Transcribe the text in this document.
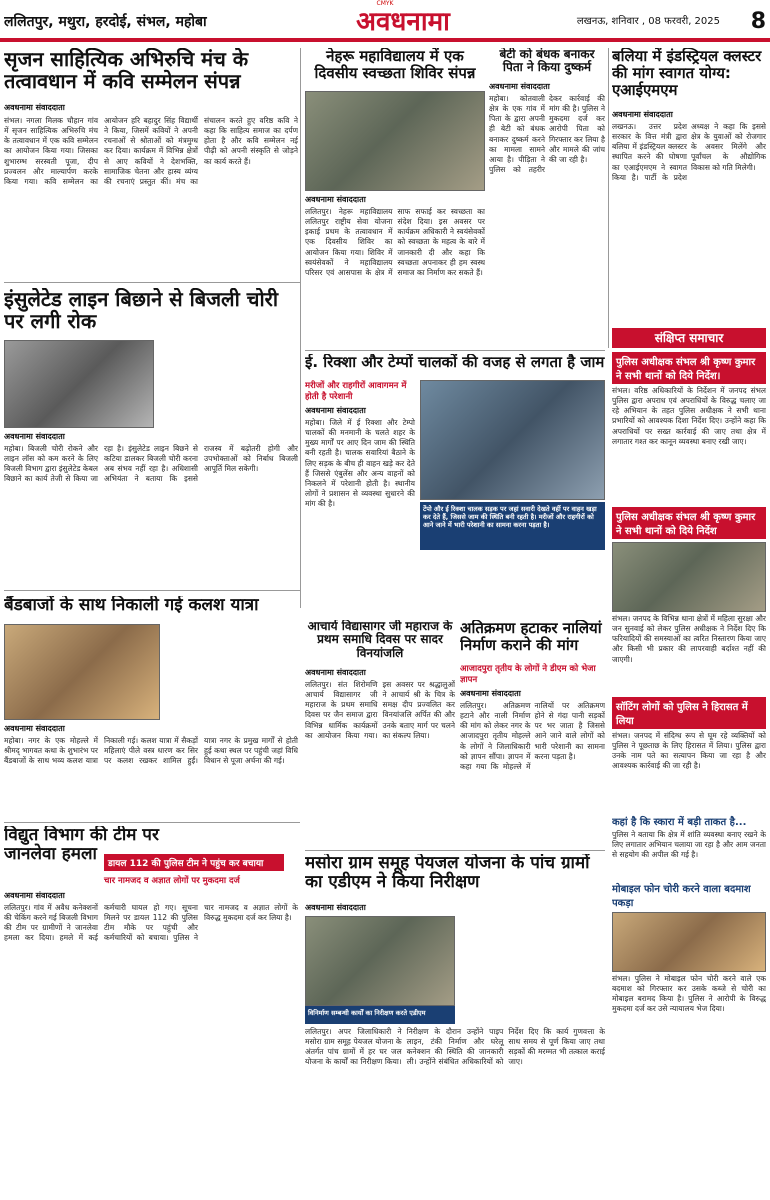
CMYK
ललितपुर, मथुरा, हरदोई, संभल, महोबा	अवधनामा	लखनऊ, शनिवार , 08 फरवरी, 2025	8
सृजन साहित्यिक अभिरुचि मंच के तत्वावधान में कवि सम्मेलन संपन्न
अवधनामा संवाददाता
संभल। नगला मिलक चौहान गांव में सृजन साहित्यिक अभिरुचि मंच के तत्वावधान में एक कवि सम्मेलन का आयोजन किया गया। जिसका शुभारम्भ सरस्वती पूजा, दीप प्रज्वलन और माल्यार्पण करके किया गया। कवि सम्मेलन का आयोजन हरि बहादुर सिंह विद्यार्थी ने किया, जिसमें कवियों ने अपनी रचनाओं से श्रोताओं को मंत्रमुग्ध कर दिया। कार्यक्रम में विभिन्न क्षेत्रों से आए कवियों ने देशभक्ति, सामाजिक चेतना और हास्य व्यंग्य की रचनाएं प्रस्तुत कीं। मंच का संचालन करते हुए वरिष्ठ कवि ने कहा कि साहित्य समाज का दर्पण होता है और कवि सम्मेलन नई पीढ़ी को अपनी संस्कृति से जोड़ने का कार्य करते हैं।
नेहरू महाविद्यालय में एक दिवसीय स्वच्छता शिविर संपन्न
अवधनामा संवाददाता
ललितपुर। नेहरू महाविद्यालय ललितपुर राष्ट्रीय सेवा योजना इकाई प्रथम के तत्वावधान में एक दिवसीय शिविर का आयोजन किया गया। शिविर में स्वयंसेवकों ने महाविद्यालय परिसर एवं आसपास के क्षेत्र में साफ सफाई कर स्वच्छता का संदेश दिया। इस अवसर पर कार्यक्रम अधिकारी ने स्वयंसेवकों को स्वच्छता के महत्व के बारे में जानकारी दी और कहा कि स्वच्छता अपनाकर ही हम स्वस्थ समाज का निर्माण कर सकते हैं।
बेटी को बंधक बनाकर पिता ने किया दुष्कर्म
अवधनामा संवाददाता
महोबा। कोतवाली क्षेत्र के एक गांव में पिता के द्वारा अपनी ही बेटी को बंधक बनाकर दुष्कर्म करने का मामला सामने आया है। पीड़िता ने पुलिस को तहरीर देकर कार्रवाई की मांग की है। पुलिस ने मुकदमा दर्ज कर आरोपी पिता को गिरफ्तार कर लिया है और मामले की जांच की जा रही है।
बलिया में इंडस्ट्रियल क्लस्टर की मांग स्वागत योग्य: एआईएमएम
अवधनामा संवाददाता
लखनऊ। उत्तर प्रदेश सरकार के वित्त मंत्री द्वारा बलिया में इंडस्ट्रियल क्लस्टर स्थापित करने की घोषणा का एआईएमएम ने स्वागत किया है। पार्टी के प्रदेश अध्यक्ष ने कहा कि इससे क्षेत्र के युवाओं को रोजगार के अवसर मिलेंगे और पूर्वांचल के औद्योगिक विकास को गति मिलेगी।
संक्षिप्त समाचार
इंसुलेटेड लाइन बिछाने से बिजली चोरी पर लगी रोक
अवधनामा संवाददाता
महोबा। बिजली चोरी रोकने और लाइन लॉस को कम करने के लिए बिजली विभाग द्वारा इंसुलेटेड केबल बिछाने का कार्य तेजी से किया जा रहा है। इंसुलेटेड लाइन बिछने से कटिया डालकर बिजली चोरी करना अब संभव नहीं रहा है। अधिशासी अभियंता ने बताया कि इससे राजस्व में बढ़ोतरी होगी और उपभोक्ताओं को निर्बाध बिजली आपूर्ति मिल सकेगी।
ई. रिक्शा और टेम्पों चालकों की वजह से लगता है जाम
मरीजों और राहगीरों आवागमन में होती है परेशानी
अवधनामा संवाददाता
महोबा। जिले में ई रिक्शा और टेम्पो चालकों की मनमानी के चलते शहर के मुख्य मार्गों पर आए दिन जाम की स्थिति बनी रहती है। चालक सवारियां बैठाने के लिए सड़क के बीच ही वाहन खड़े कर देते हैं जिससे एंबुलेंस और अन्य वाहनों को निकलने में परेशानी होती है। स्थानीय लोगों ने प्रशासन से व्यवस्था सुधारने की मांग की है।
टेंपो और ई रिक्शा चालक सड़क पर जहां सवारी देखते वहीं पर वाहन खड़ा कर देते हैं, जिससे जाम की स्थिति बनी रहती है। मरीजों और राहगीरों को आने जाने में भारी परेशानी का सामना करना पड़ता है।
पुलिस अधीक्षक संभल श्री कृष्ण कुमार ने सभी थानों को दिये निर्देश।
संभल। वरिष्ठ अधिकारियों के निर्देशन में जनपद संभल पुलिस द्वारा अपराध एवं अपराधियों के विरुद्ध चलाए जा रहे अभियान के तहत पुलिस अधीक्षक ने सभी थाना प्रभारियों को आवश्यक दिशा निर्देश दिए। उन्होंने कहा कि अपराधियों पर सख्त कार्रवाई की जाए तथा क्षेत्र में लगातार गश्त कर कानून व्यवस्था बनाए रखी जाए।
पुलिस अधीक्षक संभल श्री कृष्ण कुमार ने सभी थानों को दिये निर्देश
संभल। जनपद के विभिन्न थाना क्षेत्रों में महिला सुरक्षा और जन सुनवाई को लेकर पुलिस अधीक्षक ने निर्देश दिए कि फरियादियों की समस्याओं का त्वरित निस्तारण किया जाए और किसी भी प्रकार की लापरवाही बर्दाश्त नहीं की जाएगी।
सॉटिंग लोगों को पुलिस ने हिरासत में लिया
संभल। जनपद में संदिग्ध रूप से घूम रहे व्यक्तियों को पुलिस ने पूछताछ के लिए हिरासत में लिया। पुलिस द्वारा उनके नाम पते का सत्यापन किया जा रहा है और आवश्यक कार्रवाई की जा रही है।
कहां है कि स्कारा में बड़ी ताकत है...
पुलिस ने बताया कि क्षेत्र में शांति व्यवस्था बनाए रखने के लिए लगातार अभियान चलाया जा रहा है और आम जनता से सहयोग की अपील की गई है।
मोबाइल फोन चोरी करने वाला बदमाश पकड़ा
संभल। पुलिस ने मोबाइल फोन चोरी करने वाले एक बदमाश को गिरफ्तार कर उसके कब्जे से चोरी का मोबाइल बरामद किया है। पुलिस ने आरोपी के विरुद्ध मुकदमा दर्ज कर उसे न्यायालय भेज दिया।
बैंडबाजों के साथ निकाली गई कलश यात्रा
अवधनामा संवाददाता
महोबा। नगर के एक मोहल्ले में श्रीमद् भागवत कथा के शुभारंभ पर बैंडबाजों के साथ भव्य कलश यात्रा निकाली गई। कलश यात्रा में सैकड़ों महिलाएं पीले वस्त्र धारण कर सिर पर कलश रखकर शामिल हुईं। यात्रा नगर के प्रमुख मार्गों से होती हुई कथा स्थल पर पहुंची जहां विधि विधान से पूजा अर्चना की गई।
आचार्य विद्यासागर जी महाराज के प्रथम समाधि दिवस पर सादर विनयांजलि
अवधनामा संवाददाता
ललितपुर। संत शिरोमणि आचार्य विद्यासागर जी महाराज के प्रथम समाधि दिवस पर जैन समाज द्वारा विभिन्न धार्मिक कार्यक्रमों का आयोजन किया गया। इस अवसर पर श्रद्धालुओं ने आचार्य श्री के चित्र के समक्ष दीप प्रज्वलित कर विनयांजलि अर्पित की और उनके बताए मार्ग पर चलने का संकल्प लिया।
अतिक्रमण हटाकर नालियां निर्माण कराने की मांग
आजादपुरा तृतीय के लोगों ने डीएम को भेजा ज्ञापन
अवधनामा संवाददाता
ललितपुर। अतिक्रमण हटाने और नाली निर्माण की मांग को लेकर नगर के आजादपुरा तृतीय मोहल्ले के लोगों ने जिलाधिकारी को ज्ञापन सौंपा। ज्ञापन में कहा गया कि मोहल्ले में नालियों पर अतिक्रमण होने से गंदा पानी सड़कों पर भर जाता है जिससे आने जाने वाले लोगों को भारी परेशानी का सामना करना पड़ता है।
विद्युत विभाग की टीम पर जानलेवा हमला	डायल 112 की पुलिस टीम ने पहुंच कर बचाया
चार नामजद व अज्ञात लोगों पर मुकदमा दर्ज
अवधनामा संवाददाता
ललितपुर। गांव में अवैध कनेक्शनों की चेकिंग करने गई बिजली विभाग की टीम पर ग्रामीणों ने जानलेवा हमला कर दिया। हमले में कई कर्मचारी घायल हो गए। सूचना मिलने पर डायल 112 की पुलिस टीम मौके पर पहुंची और कर्मचारियों को बचाया। पुलिस ने चार नामजद व अज्ञात लोगों के विरुद्ध मुकदमा दर्ज कर लिया है।
मसोरा ग्राम समूह पेयजल योजना के पांच ग्रामों का एडीएम ने किया निरीक्षण
अवधनामा संवाददाता
विनिर्माण सम्बन्धी कार्यों का निरीक्षण करते एडीएम
ललितपुर। अपर जिलाधिकारी ने मसोरा ग्राम समूह पेयजल योजना के अंतर्गत पांच ग्रामों में हर घर जल योजना के कार्यों का निरीक्षण किया। निरीक्षण के दौरान उन्होंने पाइप लाइन, टंकी निर्माण और घरेलू कनेक्शन की स्थिति की जानकारी ली। उन्होंने संबंधित अधिकारियों को निर्देश दिए कि कार्य गुणवत्ता के साथ समय से पूर्ण किया जाए तथा सड़कों की मरम्मत भी तत्काल कराई जाए।
